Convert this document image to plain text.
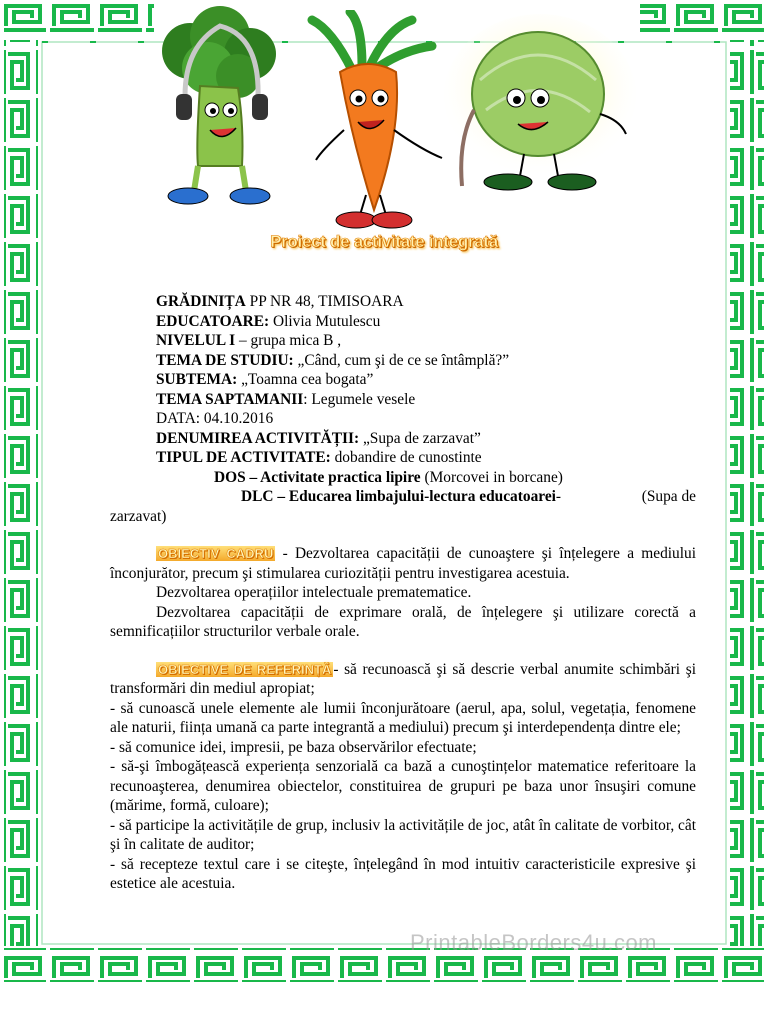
Proiect de activitate integrată
GRĂDINIȚA PP NR 48, TIMISOARA
EDUCATOARE: Olivia Mutulescu
NIVELUL I – grupa mica B ,
TEMA DE STUDIU: „Când, cum şi de ce se întâmplă?”
SUBTEMA: „Toamna cea bogata”
TEMA SAPTAMANII: Legumele vesele
DATA: 04.10.2016
DENUMIREA ACTIVITĂȚII: „Supa de zarzavat”
TIPUL DE ACTIVITATE: dobandire de cunostinte
DOS – Activitate practica lipire (Morcovei in borcane)
DLC – Educarea limbajului-lectura educatoarei-	(Supa de
zarzavat)
OBIECTIV CADRU - Dezvoltarea capacității de cunoaştere şi înțelegere a mediului înconjurător, precum şi stimularea curiozității pentru investigarea acestuia.
Dezvoltarea operațiilor intelectuale prematematice.
Dezvoltarea capacității de exprimare orală, de înțelegere şi utilizare corectă a semnificațiilor structurilor verbale orale.
OBIECTIVE DE REFERINȚĂ - să recunoască şi să descrie verbal anumite schimbări şi transformări din mediul apropiat;
- să cunoască unele elemente ale lumii înconjurătoare (aerul, apa, solul, vegetația, fenomene ale naturii, ființa umană ca parte integrantă a mediului) precum şi interdependența dintre ele;
- să comunice idei, impresii, pe baza observărilor efectuate;
- să-şi îmbogățească experiența senzorială ca bază a cunoştințelor matematice referitoare la recunoaşterea, denumirea obiectelor, constituirea de grupuri pe baza unor însuşiri comune (mărime, formă, culoare);
- să participe la activitățile de grup, inclusiv la activitățile de joc, atât în calitate de vorbitor, cât şi în calitate de auditor;
- să recepteze textul care i se citeşte, înțelegând în mod intuitiv caracteristicile expresive şi estetice ale acestuia.
PrintableBorders4u.com
